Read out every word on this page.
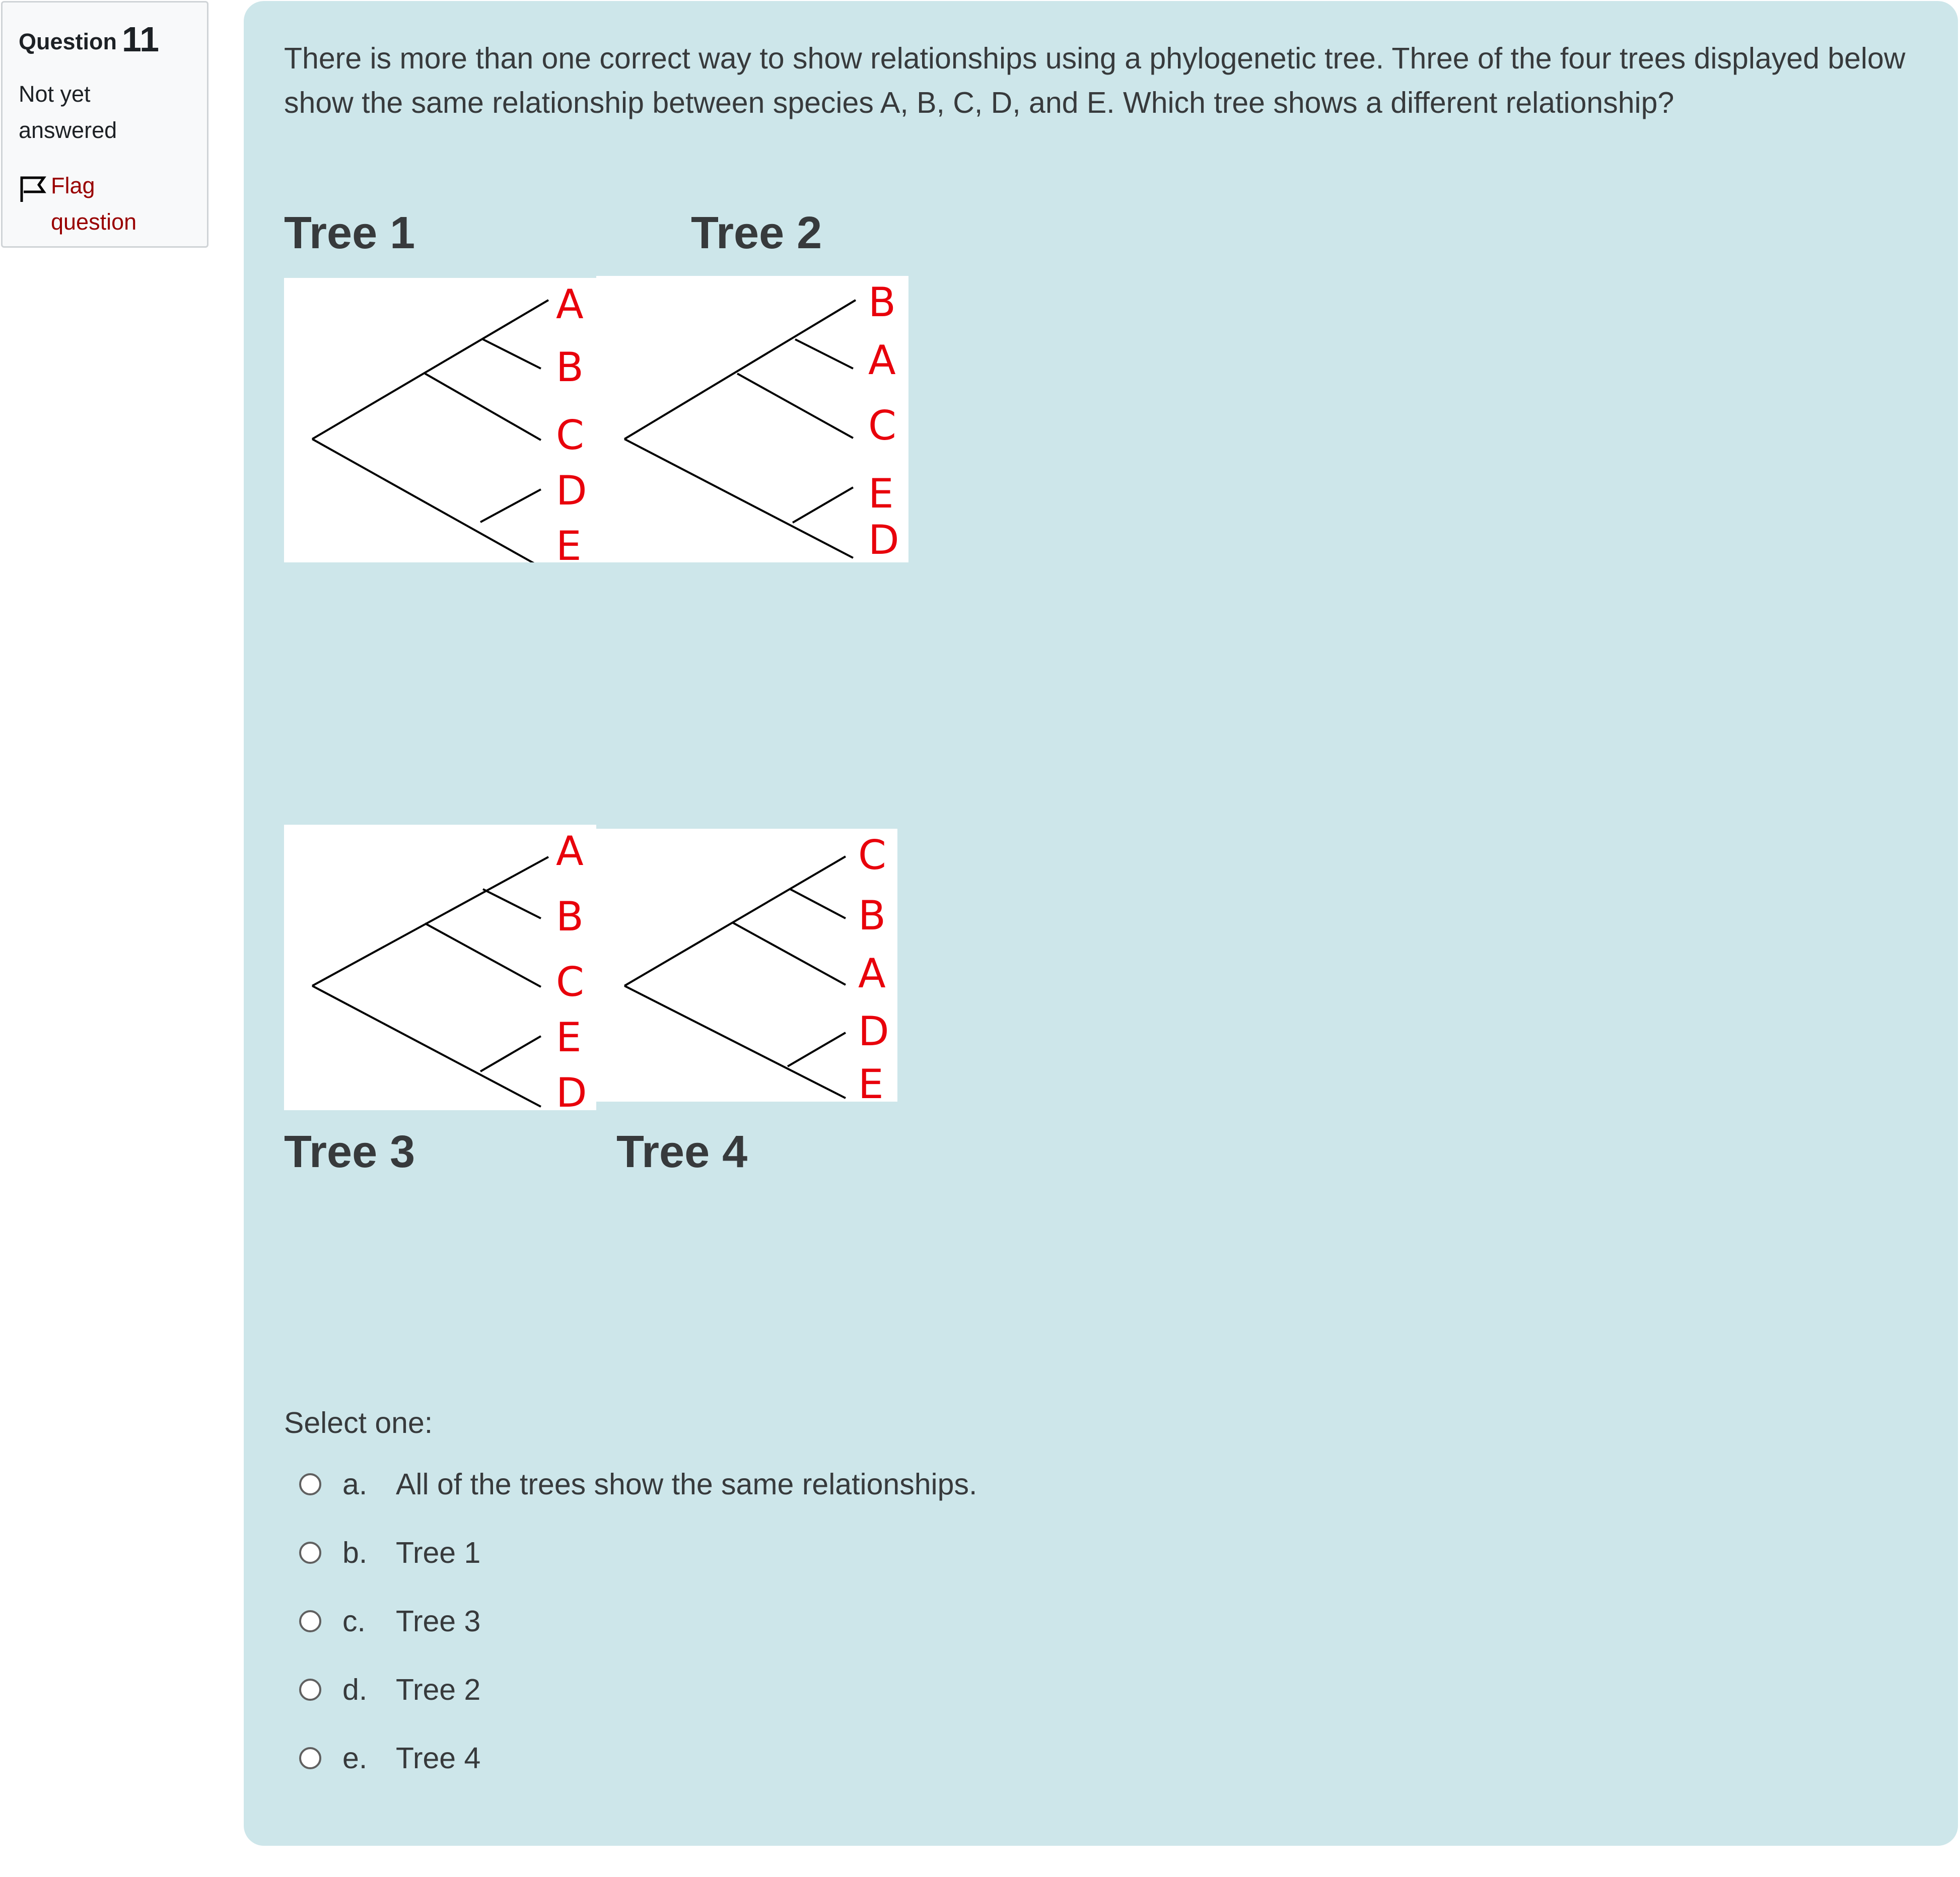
Question 11
Not yet answered
Flag question
There is more than one correct way to show relationships using a phylogenetic tree. Three of the four trees displayed below show the same relationship between species A, B, C, D, and E. Which tree shows a different relationship?
Tree 1
A
B
C
D
E
Tree 2
B
A
C
E
D
A
B
C
E
D
Tree 3
C
B
A
D
E
Tree 4
Select one:
a. All of the trees show the same relationships.
b. Tree 1
c.	Tree 3
d. Tree 2
e. Tree 4
